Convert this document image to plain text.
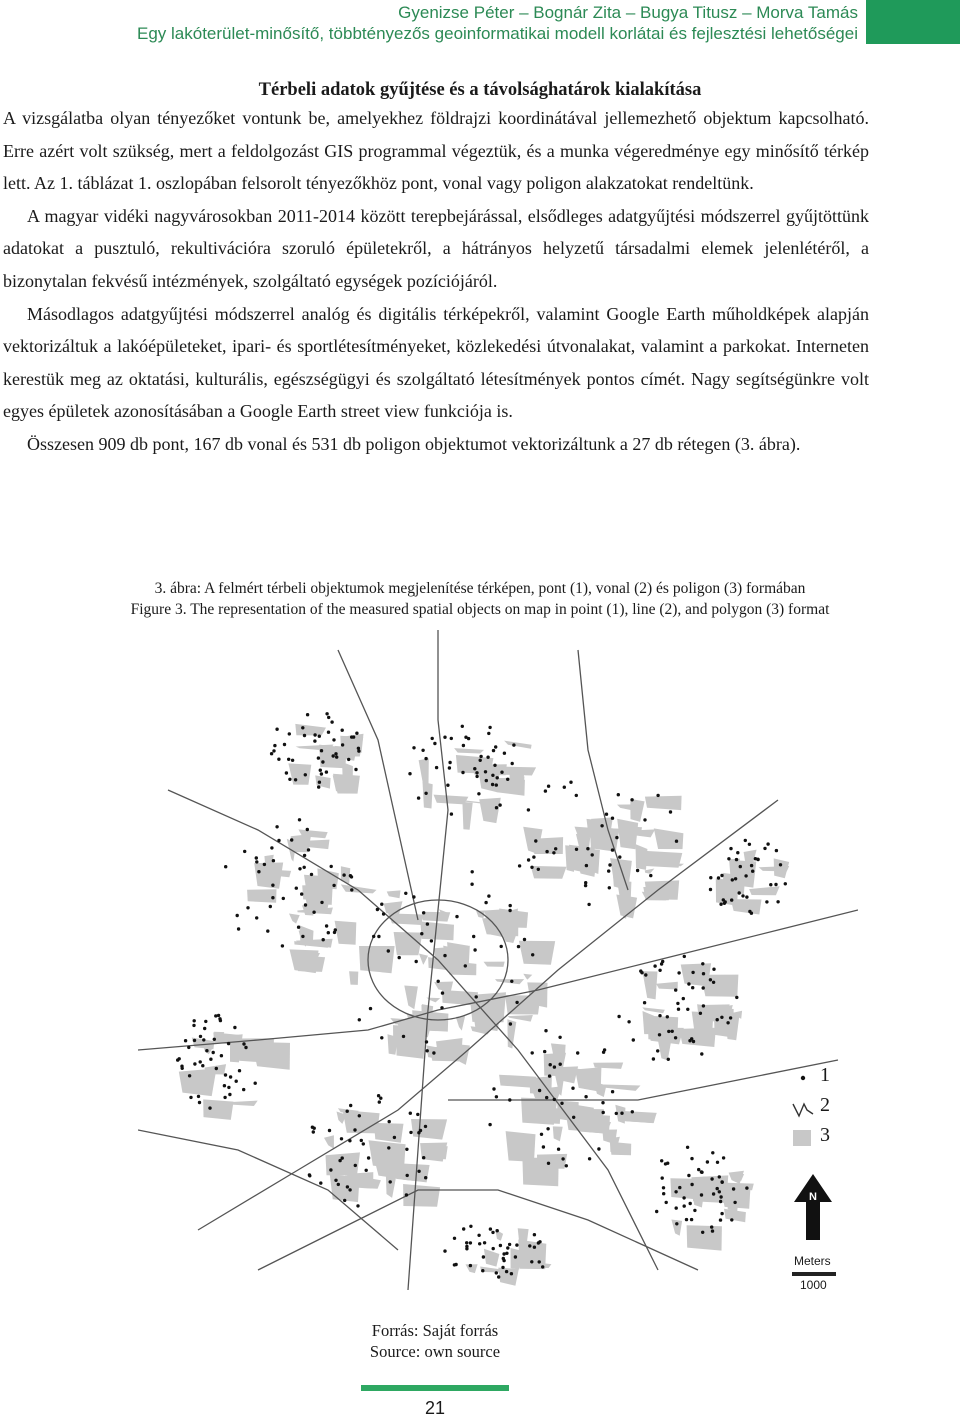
Gyenizse Péter – Bognár Zita – Bugya Titusz – Morva Tamás
Egy lakóterület-minősítő, többtényezős geoinformatikai modell korlátai és fejlesztési lehetőségei
Térbeli adatok gyűjtése és a távolsághatárok kialakítása

A vizsgálatba olyan tényezőket vontunk be, amelyekhez földrajzi koordinátával jellemezhető objektum kapcsolható. Erre azért volt szükség, mert a feldolgozást GIS programmal végeztük, és a munka végeredménye egy minősítő térkép lett. Az 1. táblázat 1. oszlopában felsorolt tényezőkhöz pont, vonal vagy poligon alakzatokat rendeltünk.

A magyar vidéki nagyvárosokban 2011-2014 között terepbejárással, elsődleges adatgyűjtési módszerrel gyűjtöttünk adatokat a pusztuló, rekultivációra szoruló épületekről, a hátrányos helyzetű társadalmi elemek jelenlétéről, a bizonytalan fekvésű intézmények, szolgáltató egységek pozíciójáról.

Másodlagos adatgyűjtési módszerrel analóg és digitális térképekről, valamint Google Earth műholdképek alapján vektorizáltuk a lakóépületeket, ipari- és sportlétesítményeket, közlekedési útvonalakat, valamint a parkokat. Interneten kerestük meg az oktatási, kulturális, egészségügyi és szolgáltató létesítmények pontos címét. Nagy segítségünkre volt egyes épületek azonosításában a Google Earth street view funkciója is.

Összesen 909 db pont, 167 db vonal és 531 db poligon objektumot vektorizáltunk a 27 db rétegen (3. ábra).

3. ábra: A felmért térbeli objektumok megjelenítése térképen, pont (1), vonal (2) és poligon (3) formában
Figure 3. The representation of the measured spatial objects on map in point (1), line (2), and polygon (3) format
1
2
3
N
Meters
1000
Forrás: Saját forrás
Source: own source
21
